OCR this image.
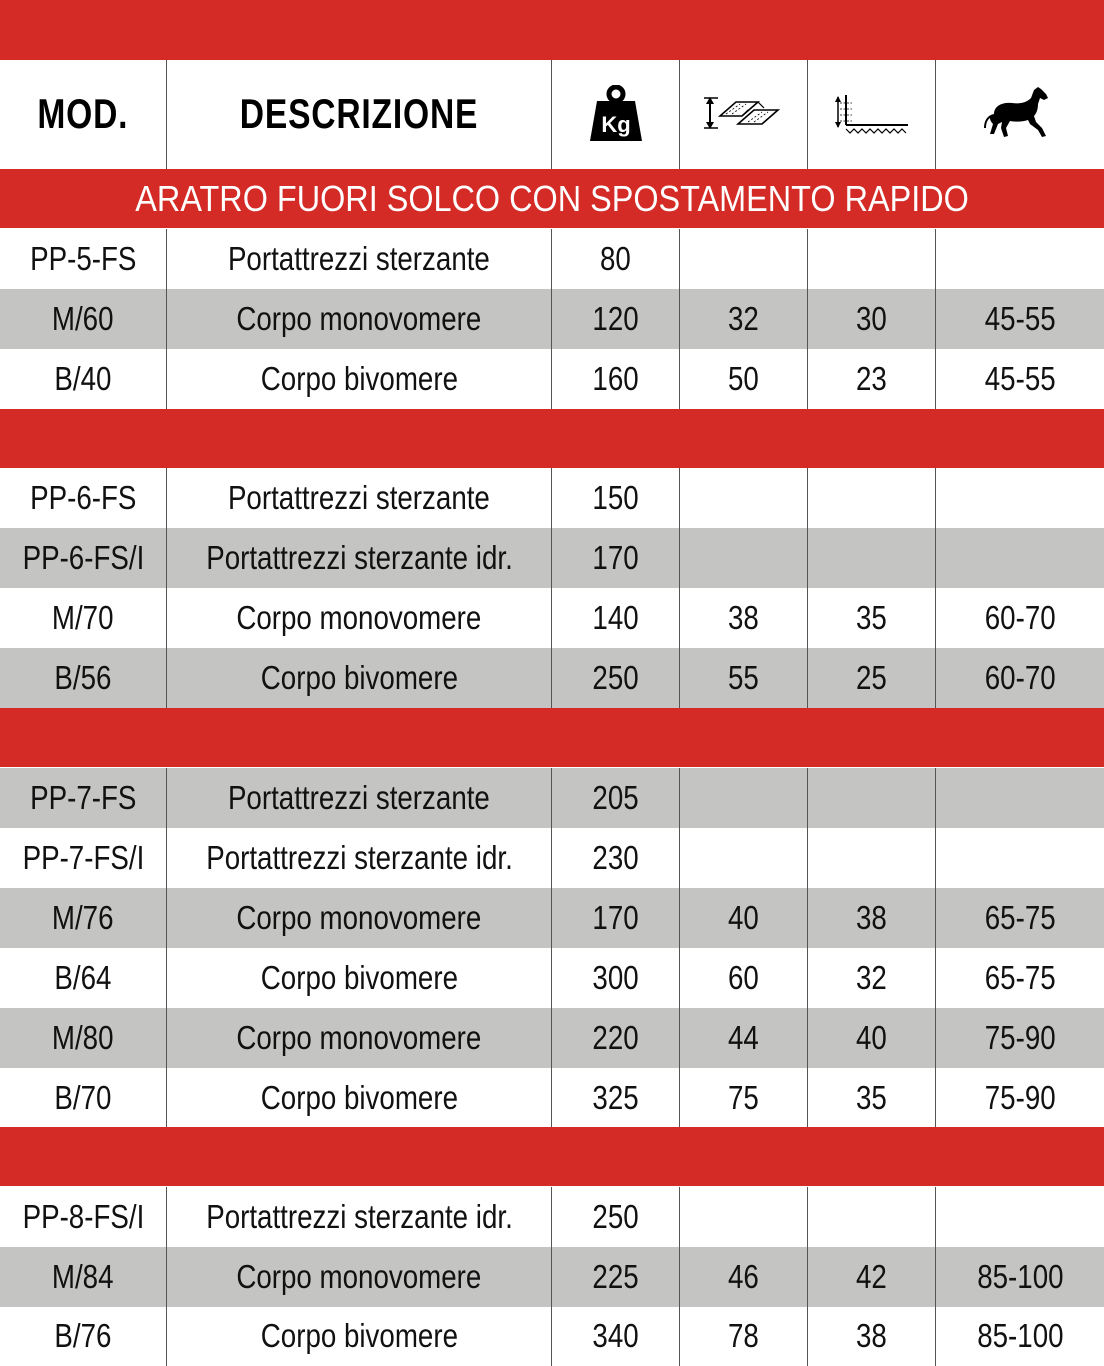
MOD.	DESCRIZIONE	Kg
ARATRO FUORI SOLCO CON SPOSTAMENTO RAPIDO
PP-5-FS	Portattrezzi sterzante	80
M/60	Corpo monovomere	120	32	30	45-55
B/40	Corpo bivomere	160	50	23	45-55
PP-6-FS	Portattrezzi sterzante	150
PP-6-FS/I Portattrezzi sterzante idr. 170
M/70	Corpo monovomere	140	38	35	60-70
B/56	Corpo bivomere	250	55	25	60-70
PP-7-FS	Portattrezzi sterzante	205
PP-7-FS/I Portattrezzi sterzante idr. 230
M/76	Corpo monovomere	170	40	38	65-75
B/64	Corpo bivomere	300	60	32	65-75
M/80	Corpo monovomere	220	44	40	75-90
B/70	Corpo bivomere	325	75	35	75-90
PP-8-FS/I Portattrezzi sterzante idr. 250
M/84	Corpo monovomere	225	46	42	85-100
B/76	Corpo bivomere	340	78	38	85-100
